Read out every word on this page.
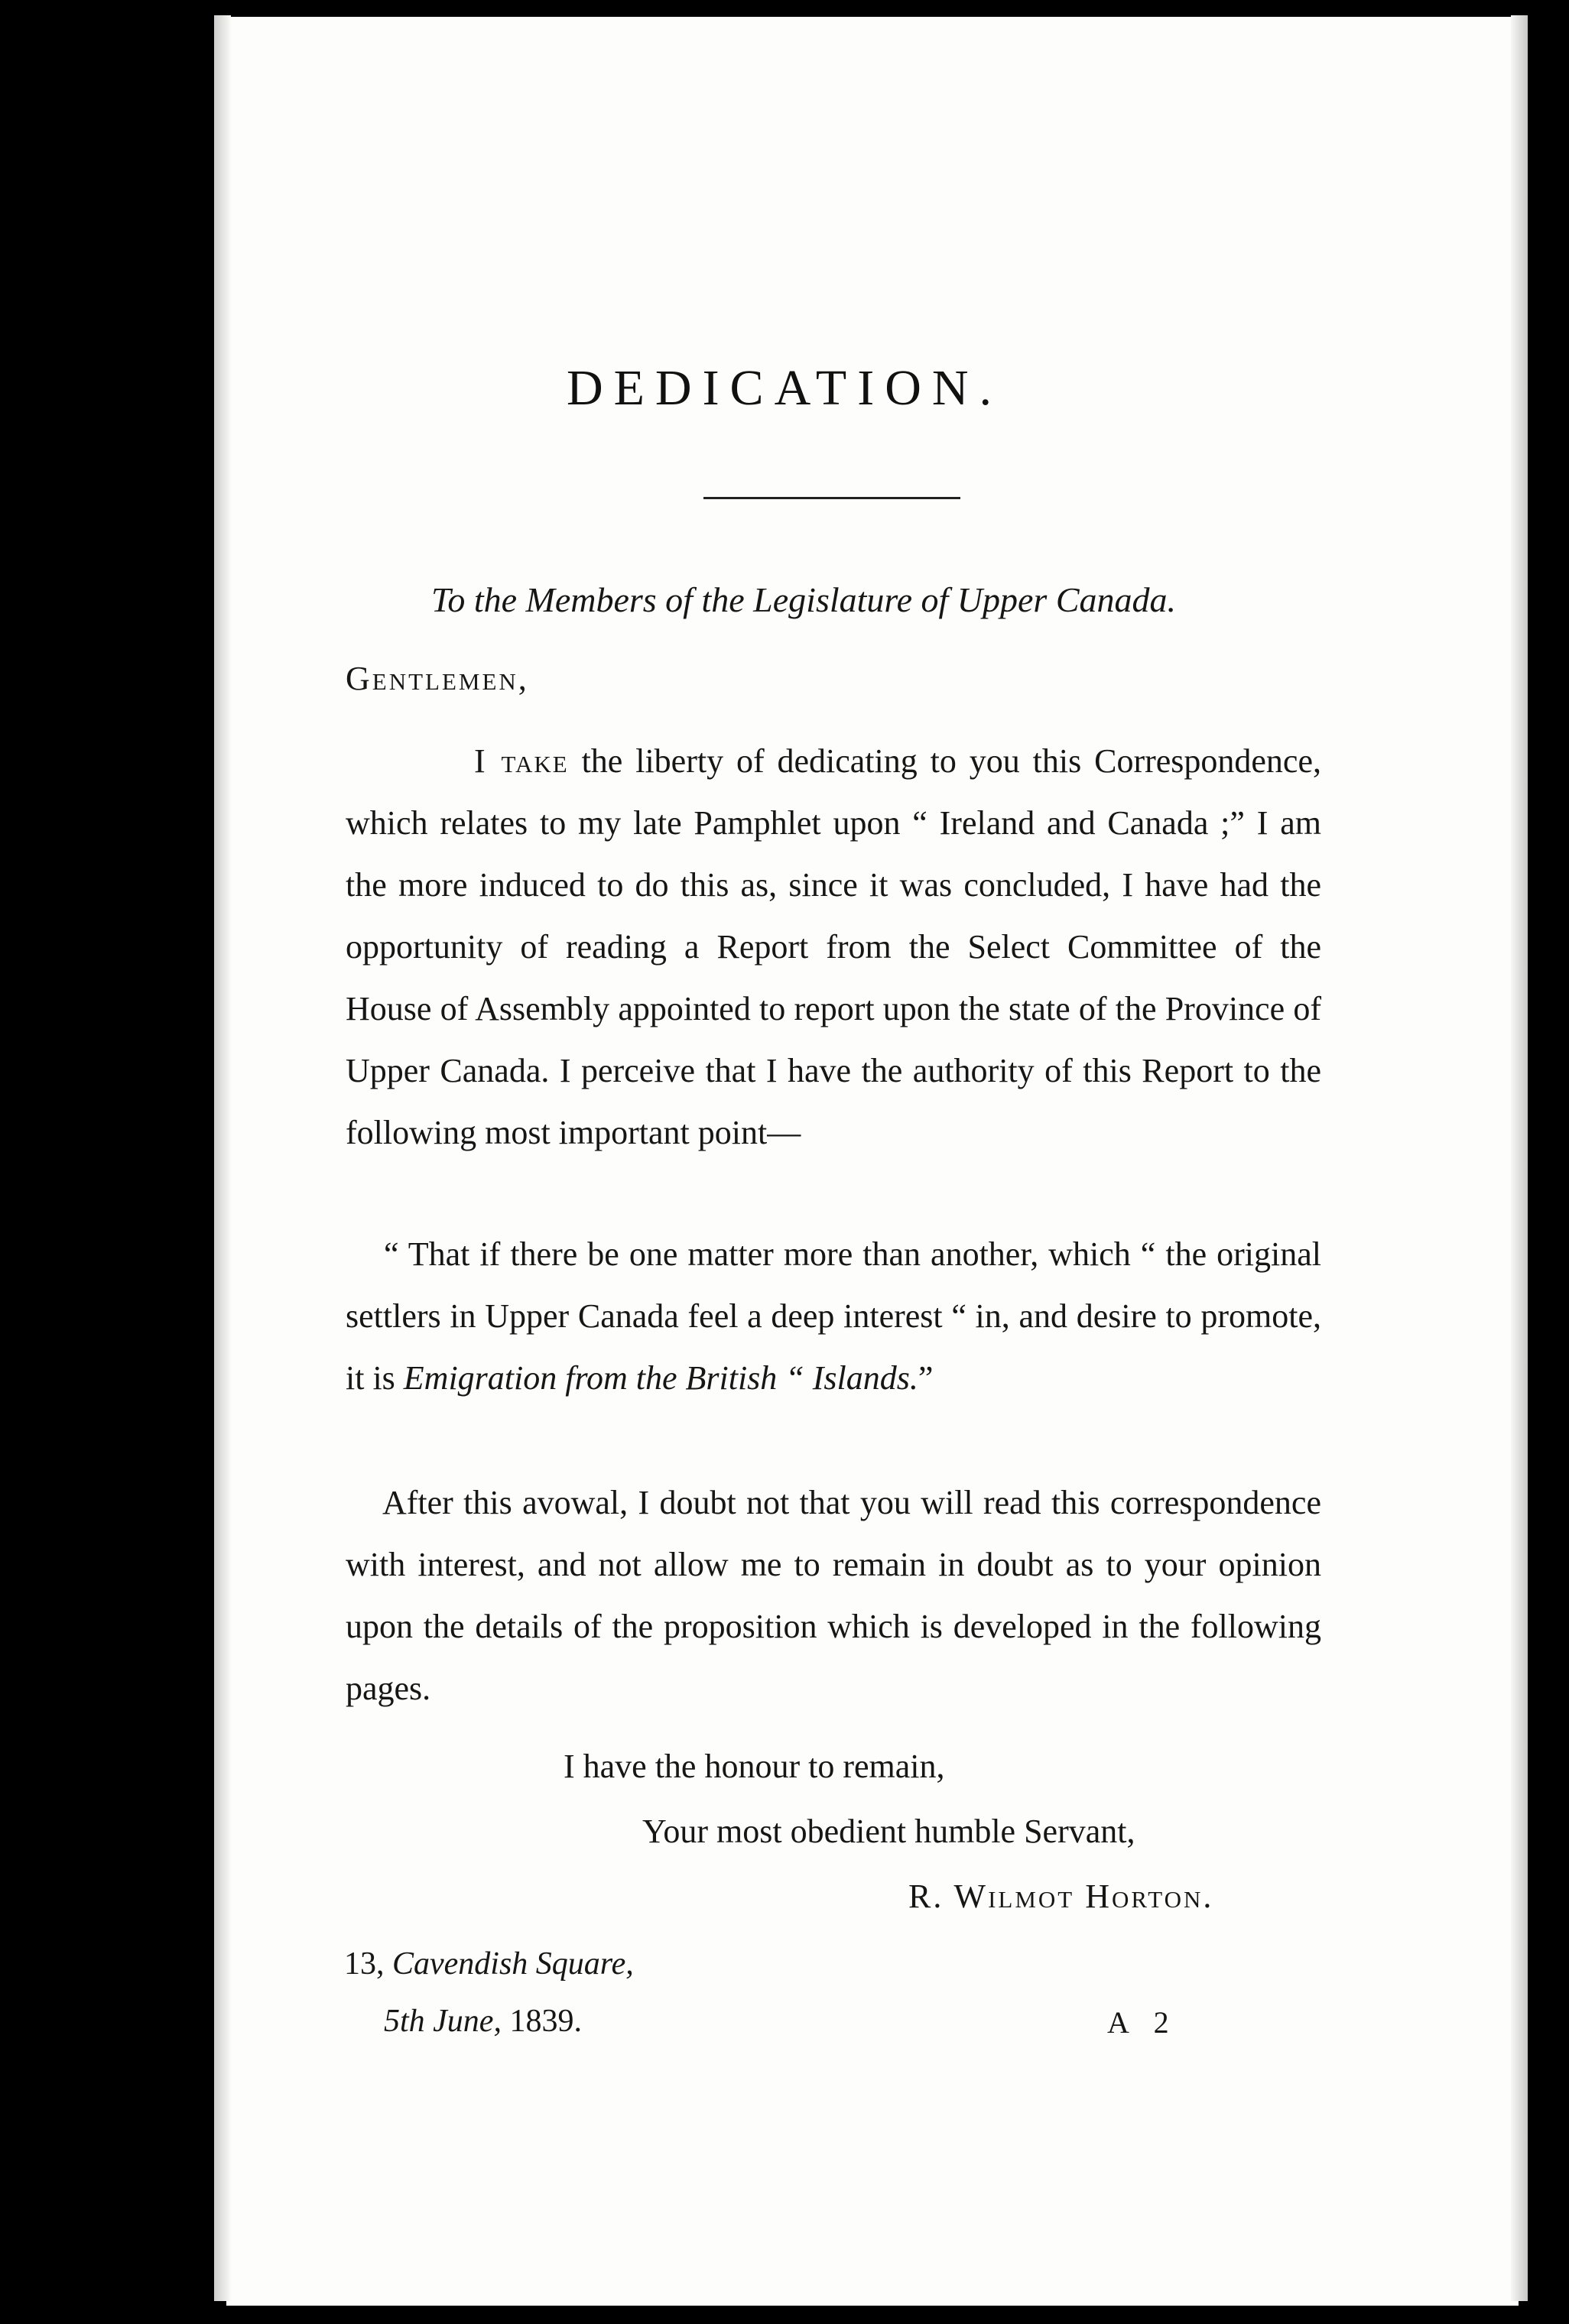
DEDICATION.
To the Members of the Legislature of Upper Canada.
Gentlemen,

I take the liberty of dedicating to you this Correspondence, which relates to my late Pamphlet upon “ Ireland and Canada ;” I am the more induced to do this as, since it was concluded, I have had the opportunity of reading a Report from the Select Committee of the House of Assembly appointed to report upon the state of the Province of Upper Canada. I perceive that I have the authority of this Report to the following most important point—

“ That if there be one matter more than another, which “ the original settlers in Upper Canada feel a deep interest “ in, and desire to promote, it is Emigration from the British “ Islands.”

After this avowal, I doubt not that you will read this correspondence with interest, and not allow me to remain in doubt as to your opinion upon the details of the proposition which is developed in the following pages.

I have the honour to remain,
Your most obedient humble Servant,
R. Wilmot Horton.
13, Cavendish Square,
5th June, 1839.	A 2
